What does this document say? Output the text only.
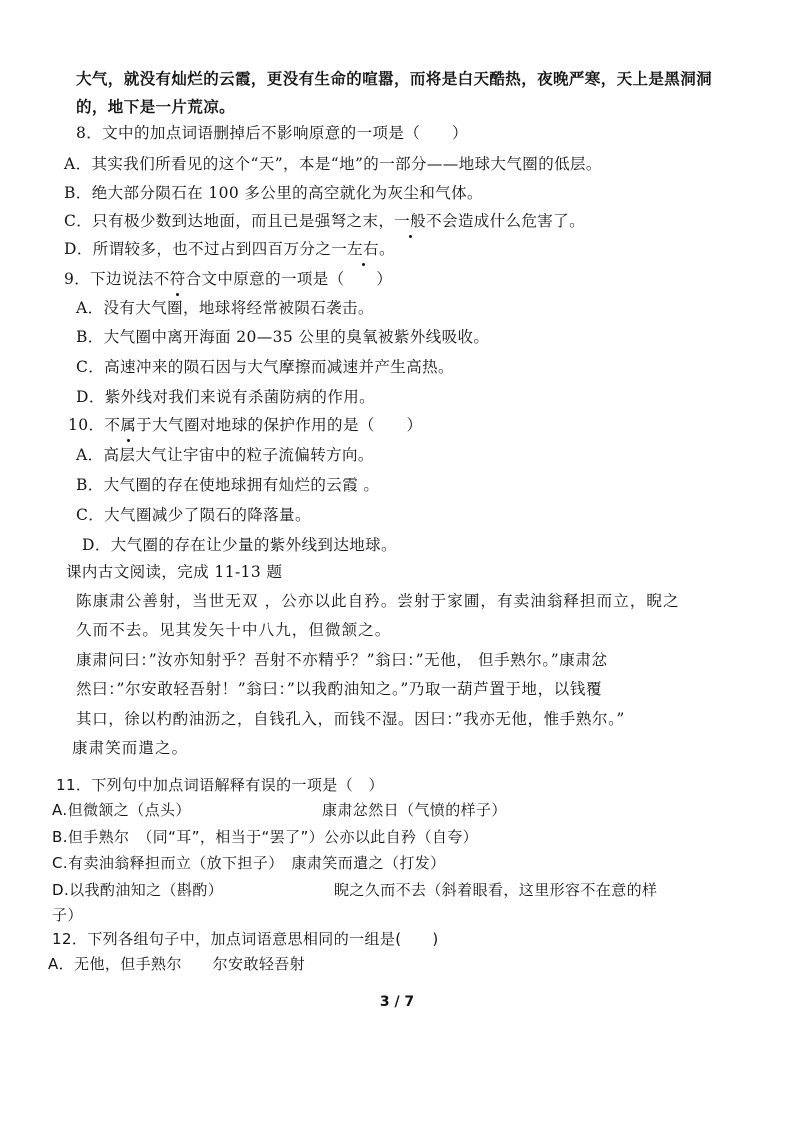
大气，就没有灿烂的云霞，更没有生命的喧嚣，而将是白天酷热，夜晚严寒，天上是黑洞洞
的，地下是一片荒凉。
8．文中的加点词语删掉后不影响原意的一项是（　　）
A．其实我们所看见的这个“天”，本是“地”的一部分——地球大气圈的低层。
B．绝大部分陨石在 100 多公里的高空就化为灰尘和气体。
C．只有极少数到达地面，而且已是强弩之末，一般不会造成什么危害了。
D．所谓较多，也不过占到四百万分之一左右。
9．下边说法不符合文中原意的一项是（　　）
A．没有大气圈，地球将经常被陨石袭击。
B．大气圈中离开海面 20—35 公里的臭氧被紫外线吸收。
C．高速冲来的陨石因与大气摩擦而减速并产生高热。
D．紫外线对我们来说有杀菌防病的作用。
10．不属于大气圈对地球的保护作用的是（　　）
A．高层大气让宇宙中的粒子流偏转方向。
B．大气圈的存在使地球拥有灿烂的云霞 。
C．大气圈减少了陨石的降落量。
D．大气圈的存在让少量的紫外线到达地球。
课内古文阅读，完成 11-13 题
陈康肃公善射，当世无双 ，公亦以此自矜。尝射于家圃，有卖油翁释担而立，睨之
久而不去。见其发矢十中八九，但微颔之。
康肃问曰：”汝亦知射乎？吾射不亦精乎？”翁曰：”无他， 但手熟尔。”康肃忿
然曰：”尔安敢轻吾射！”翁曰：”以我酌油知之。”乃取一葫芦置于地，以钱覆
其口，徐以杓酌油沥之，自钱孔入，而钱不湿。因曰：”我亦无他，惟手熟尔。”
康肃笑而遣之。
11．下列句中加点词语解释有误的一项是（　）
A.但微颔之（点头）	康肃忿然日（气愤的样子）
B.但手熟尔　（同“耳”，相当于“罢了”）公亦以此自矜（自夸）
C.有卖油翁释担而立（放下担子）　康肃笑而遣之（打发）
D.以我酌油知之（斟酌）	睨之久而不去（斜着眼看，这里形容不在意的样
子）
12．下列各组句子中，加点词语意思相同的一组是(　　)
A．无他，但手熟尔　　尔安敢轻吾射
3 / 7
